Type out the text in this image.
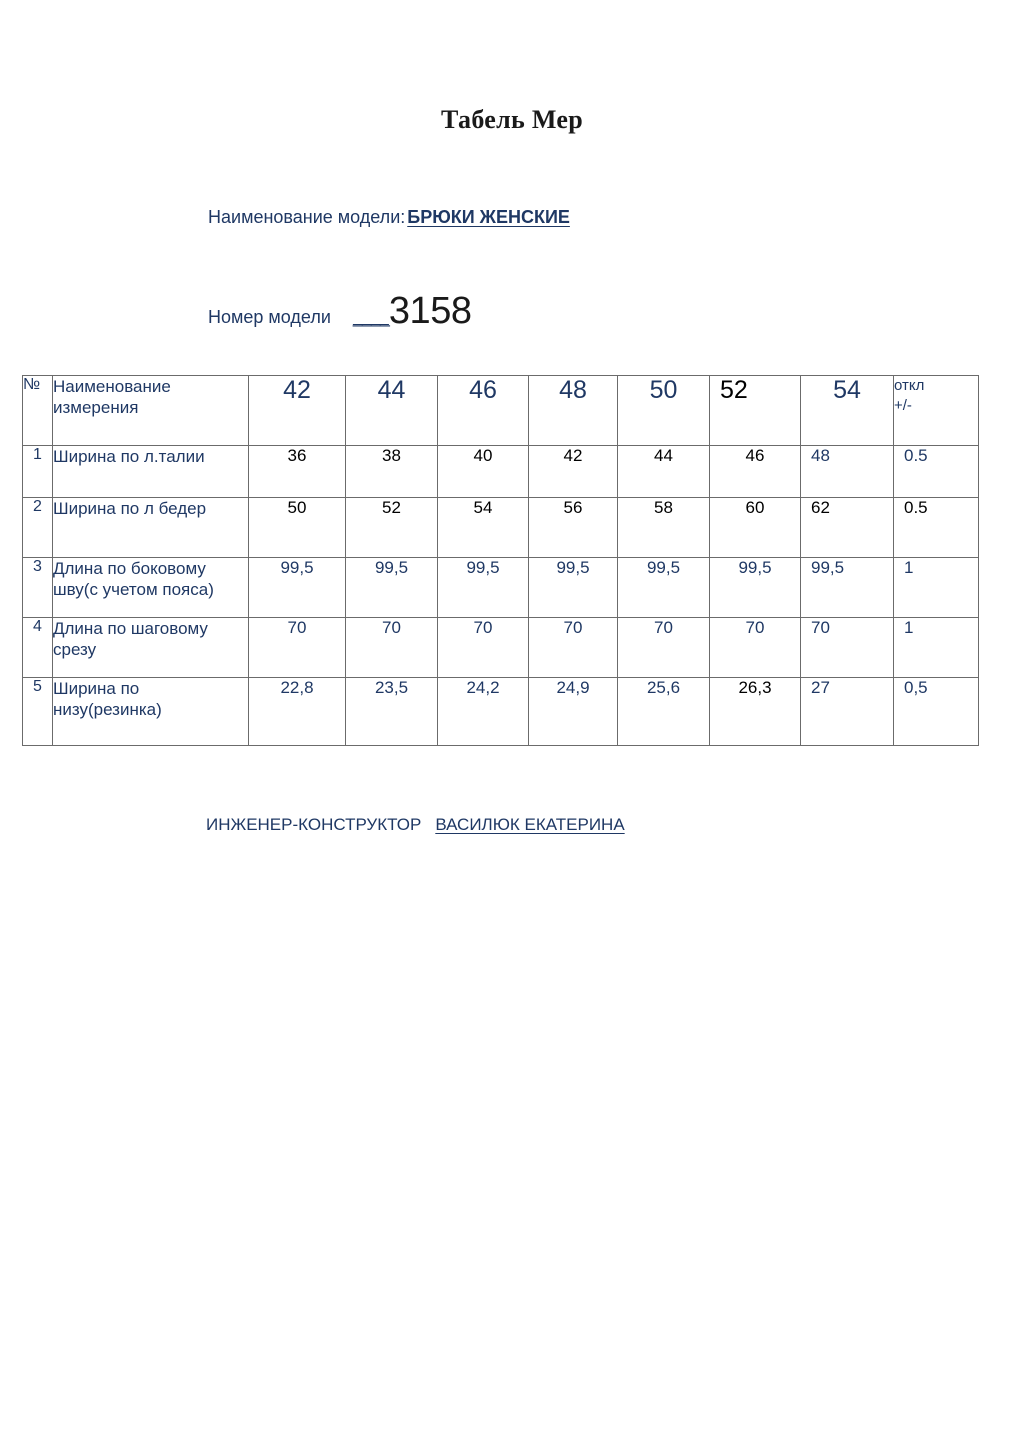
Табель Мер
Наименование модели: БРЮКИ ЖЕНСКИЕ
Номер модели ____ 3158
№	Наименование измерения	42	44	46	48	50	52	54	откл
+/-
1	Ширина по л.талии	36	38	40	42	44	46	48	0.5
2	Ширина по л бедер	50	52	54	56	58	60	62	0.5
3	Длина по боковому шву(с учетом пояса)	99,5	99,5	99,5	99,5	99,5	99,5	99,5	1
4	Длина по шаговому срезу	70	70	70	70	70	70	70	1
5	Ширина по низу(резинка)	22,8	23,5	24,2	24,9	25,6	26,3	27	0,5
ИНЖЕНЕР-КОНСТРУКТОР ВАСИЛЮК ЕКАТЕРИНА
